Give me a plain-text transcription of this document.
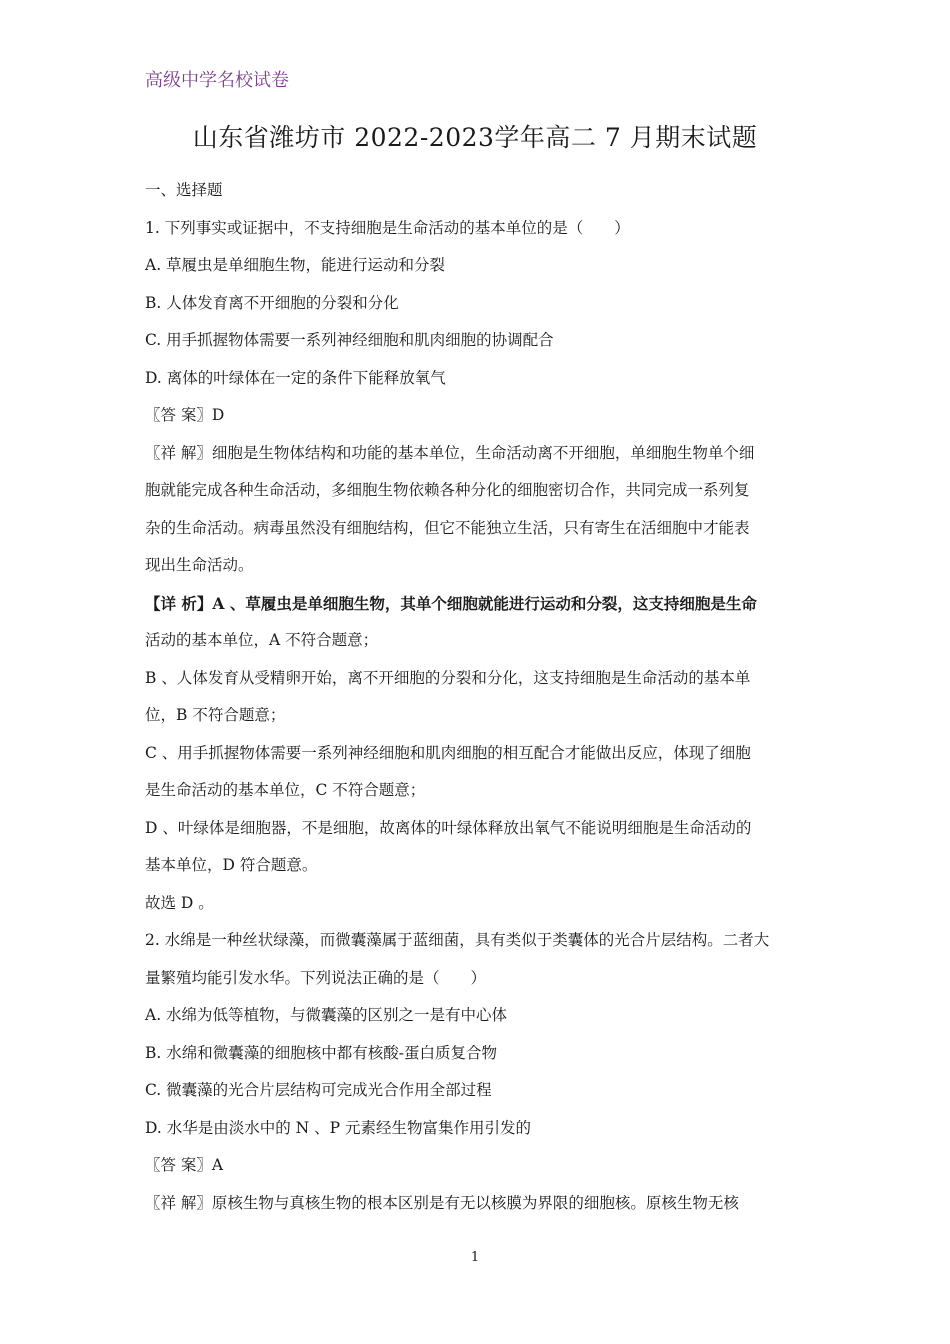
高级中学名校试卷
山东省潍坊市 2022-2023学年高二 7 月期末试题
一、选择题
1. 下列事实或证据中，不支持细胞是生命活动的基本单位的是（　　）
A. 草履虫是单细胞生物，能进行运动和分裂
B. 人体发育离不开细胞的分裂和分化
C. 用手抓握物体需要一系列神经细胞和肌肉细胞的协调配合
D. 离体的叶绿体在一定的条件下能释放氧气
〖答 案〗D
〖祥 解〗细胞是生物体结构和功能的基本单位，生命活动离不开细胞，单细胞生物单个细
胞就能完成各种生命活动，多细胞生物依赖各种分化的细胞密切合作，共同完成一系列复
杂的生命活动。病毒虽然没有细胞结构，但它不能独立生活，只有寄生在活细胞中才能表
现出生命活动。
【详 析】A 、草履虫是单细胞生物，其单个细胞就能进行运动和分裂，这支持细胞是生命
活动的基本单位，A 不符合题意；
B 、人体发育从受精卵开始，离不开细胞的分裂和分化，这支持细胞是生命活动的基本单
位，B 不符合题意；
C 、用手抓握物体需要一系列神经细胞和肌肉细胞的相互配合才能做出反应，体现了细胞
是生命活动的基本单位，C 不符合题意；
D 、叶绿体是细胞器，不是细胞，故离体的叶绿体释放出氧气不能说明细胞是生命活动的
基本单位，D 符合题意。
故选 D 。
2. 水绵是一种丝状绿藻，而微囊藻属于蓝细菌，具有类似于类囊体的光合片层结构。二者大
量繁殖均能引发水华。下列说法正确的是（　　）
A. 水绵为低等植物，与微囊藻的区别之一是有中心体
B. 水绵和微囊藻的细胞核中都有核酸-蛋白质复合物
C. 微囊藻的光合片层结构可完成光合作用全部过程
D. 水华是由淡水中的 N 、P 元素经生物富集作用引发的
〖答 案〗A
〖祥 解〗原核生物与真核生物的根本区别是有无以核膜为界限的细胞核。原核生物无核
1
